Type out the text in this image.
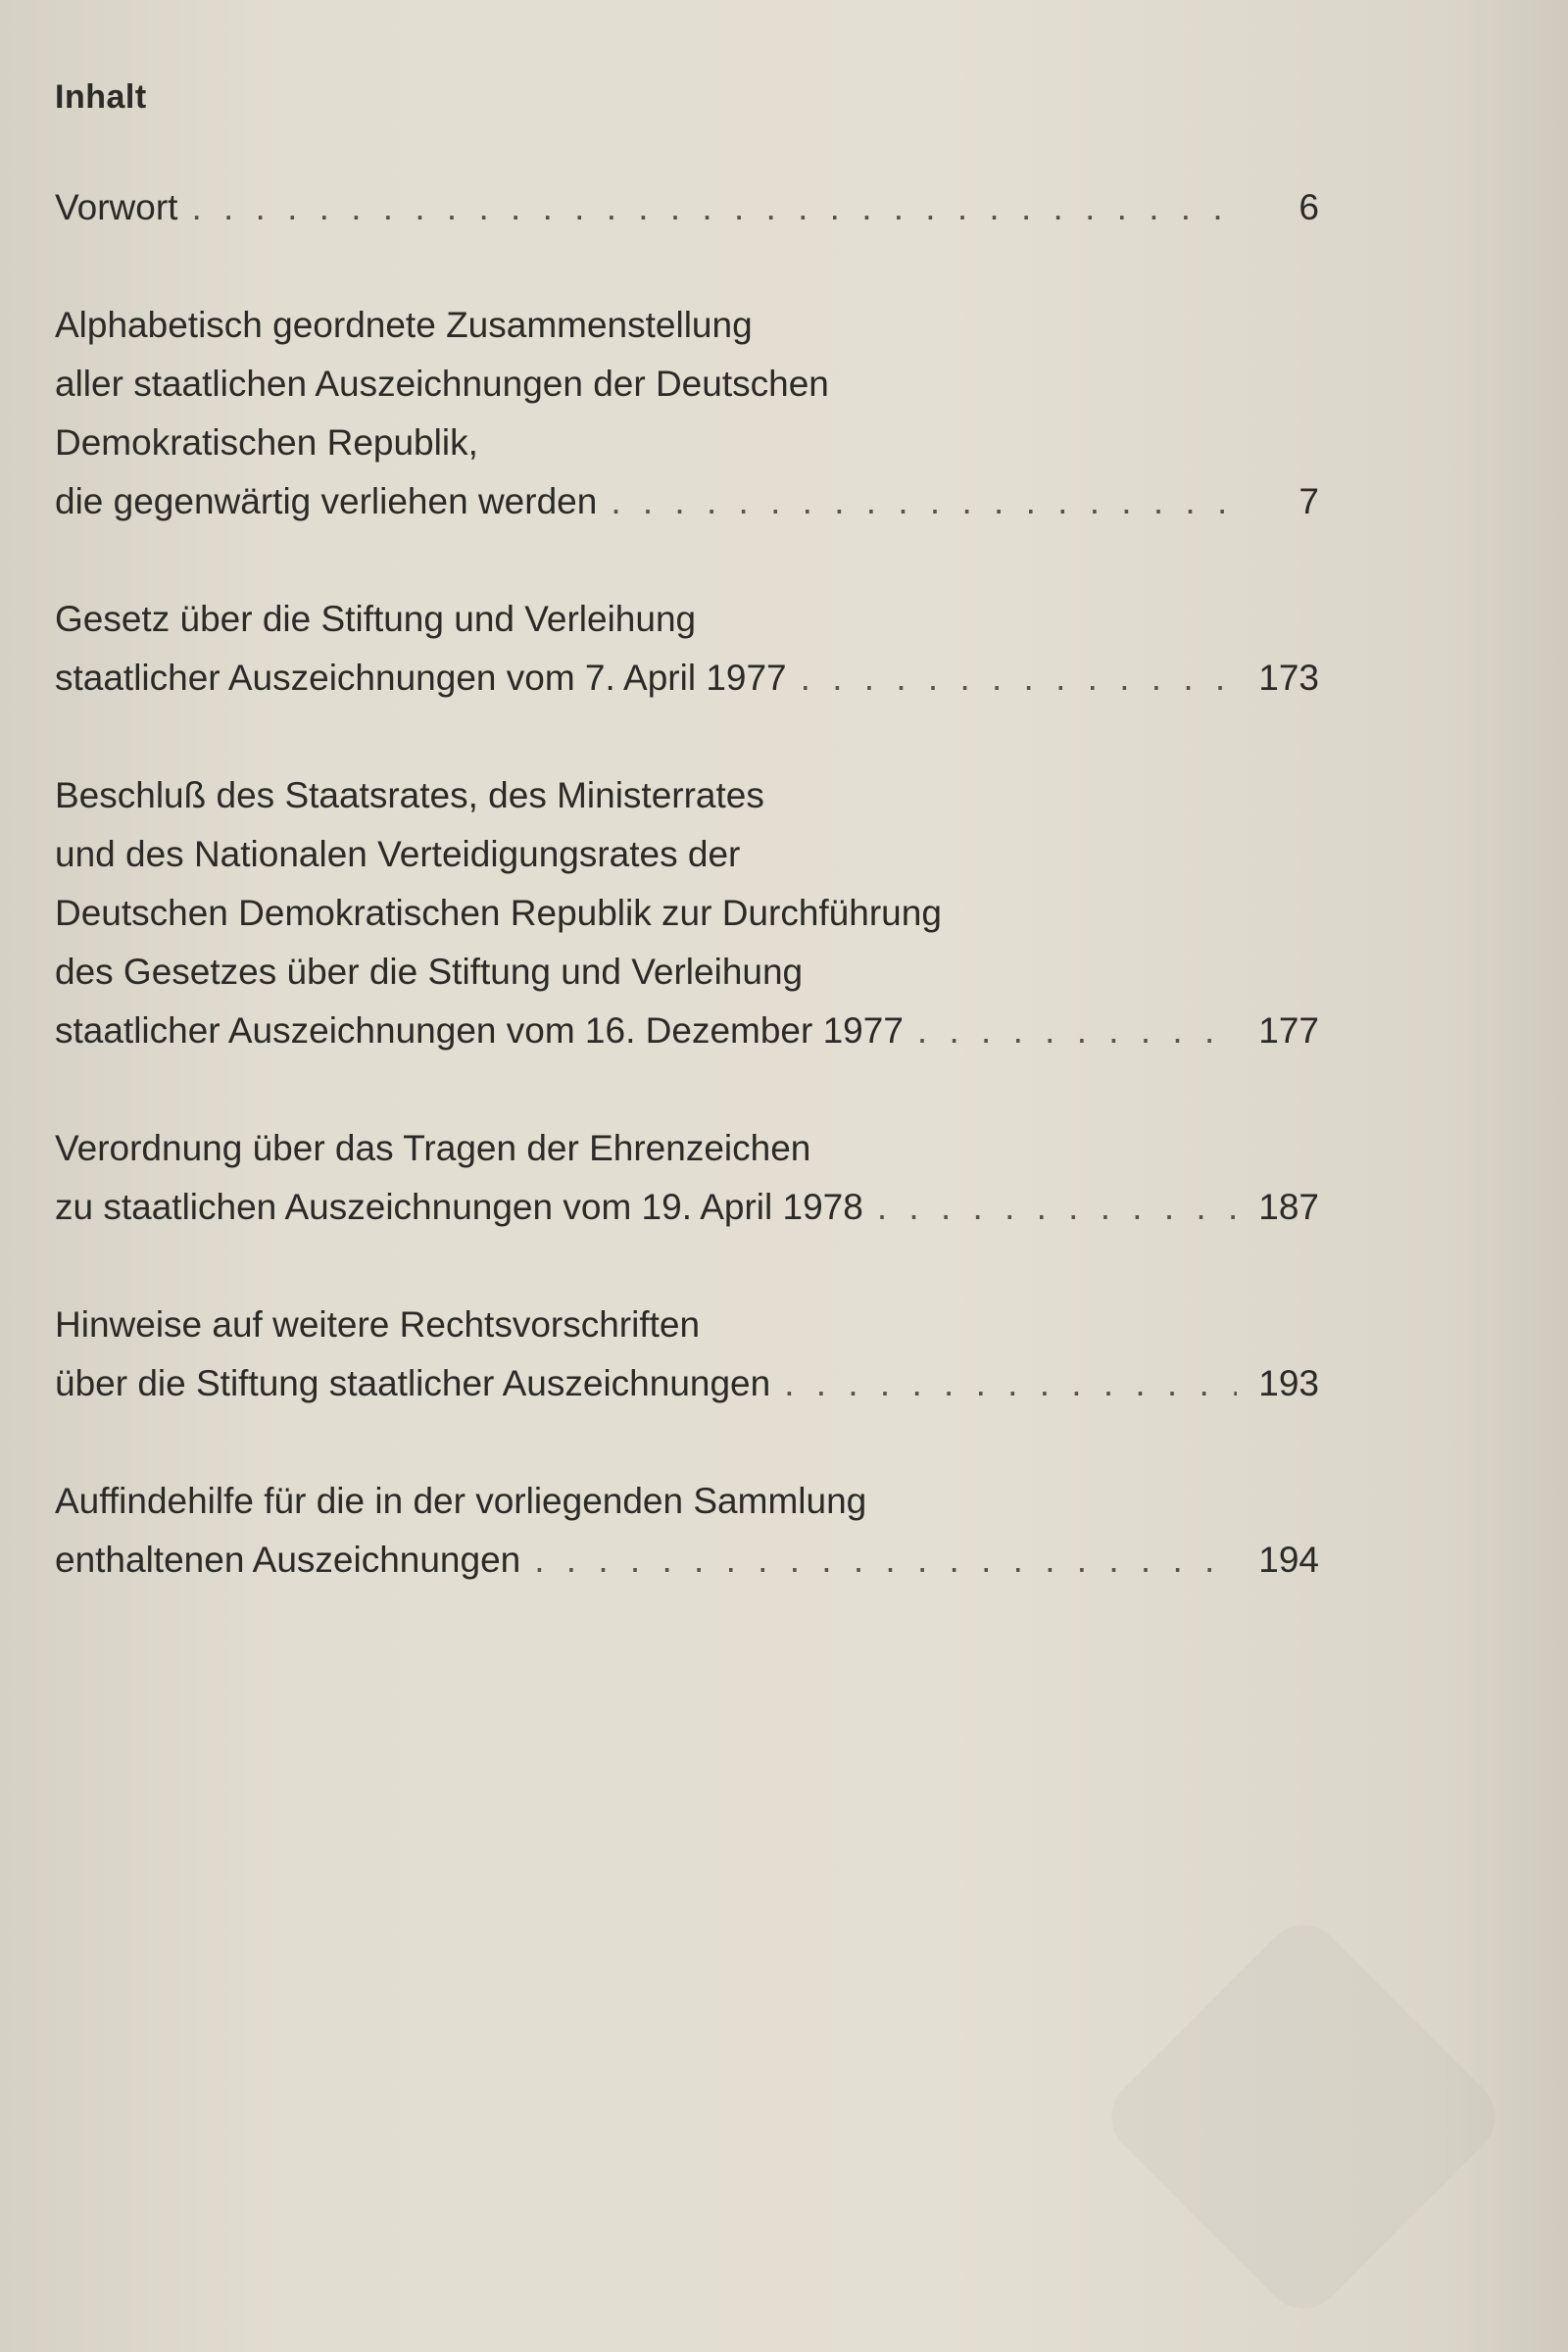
Inhalt
Vorwort . . .	6
Alphabetisch geordnete Zusammenstellung
aller staatlichen Auszeichnungen der Deutschen
Demokratischen Republik,
die gegenwärtig verliehen werden . . .	7
Gesetz über die Stiftung und Verleihung
staatlicher Auszeichnungen vom 7. April 1977 . . .	173
Beschluß des Staatsrates, des Ministerrates
und des Nationalen Verteidigungsrates der
Deutschen Demokratischen Republik zur Durchführung
des Gesetzes über die Stiftung und Verleihung
staatlicher Auszeichnungen vom 16. Dezember 1977 . . .	177
Verordnung über das Tragen der Ehrenzeichen
zu staatlichen Auszeichnungen vom 19. April 1978 . . .	187
Hinweise auf weitere Rechtsvorschriften
über die Stiftung staatlicher Auszeichnungen . . .	193
Auffindehilfe für die in der vorliegenden Sammlung
enthaltenen Auszeichnungen . . .	194
